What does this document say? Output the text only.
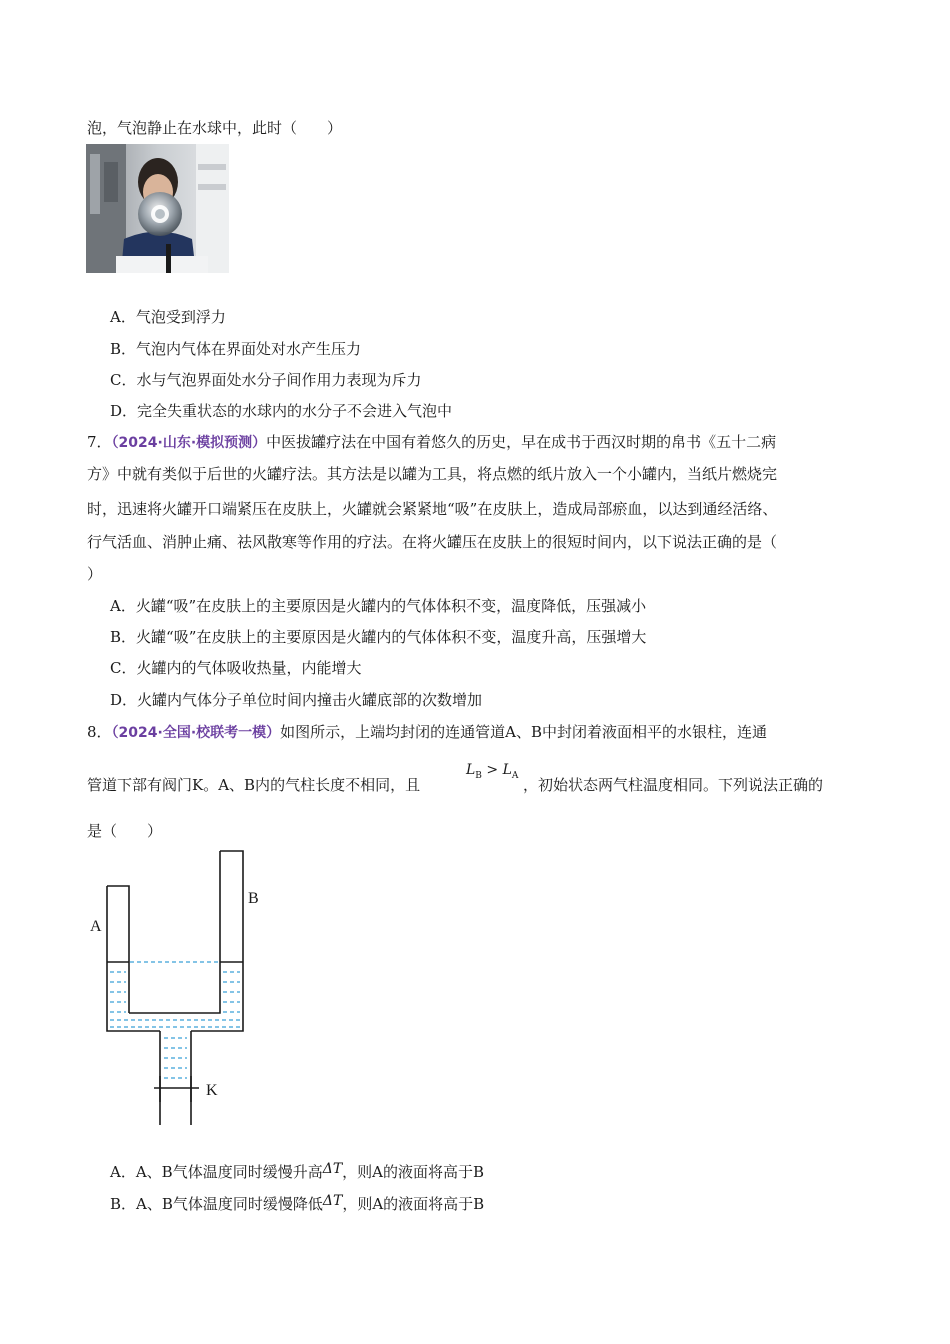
泡，气泡静止在水球中，此时（　　）
A．气泡受到浮力
B．气泡内气体在界面处对水产生压力
C．水与气泡界面处水分子间作用力表现为斥力
D．完全失重状态的水球内的水分子不会进入气泡中
7．（2024·山东·模拟预测）中医拔罐疗法在中国有着悠久的历史，早在成书于西汉时期的帛书《五十二病
方》中就有类似于后世的火罐疗法。其方法是以罐为工具，将点燃的纸片放入一个小罐内，当纸片燃烧完
时，迅速将火罐开口端紧压在皮肤上，火罐就会紧紧地“吸”在皮肤上，造成局部瘀血，以达到通经活络、
行气活血、消肿止痛、祛风散寒等作用的疗法。在将火罐压在皮肤上的很短时间内，以下说法正确的是（
）
A．火罐“吸”在皮肤上的主要原因是火罐内的气体体积不变，温度降低，压强减小
B．火罐“吸”在皮肤上的主要原因是火罐内的气体体积不变，温度升高，压强增大
C．火罐内的气体吸收热量，内能增大
D．火罐内气体分子单位时间内撞击火罐底部的次数增加
8．（2024·全国·校联考一模）如图所示，上端均封闭的连通管道A、B中封闭着液面相平的水银柱，连通
管道下部有阀门K。A、B内的气柱长度不相同，且
$L_B > L_A$
，初始状态两气柱温度相同。下列说法正确的
是（　　）
A
B
K
A．A、B气体温度同时缓慢升高ΔT，则A的液面将高于B
B．A、B气体温度同时缓慢降低ΔT，则A的液面将高于B
